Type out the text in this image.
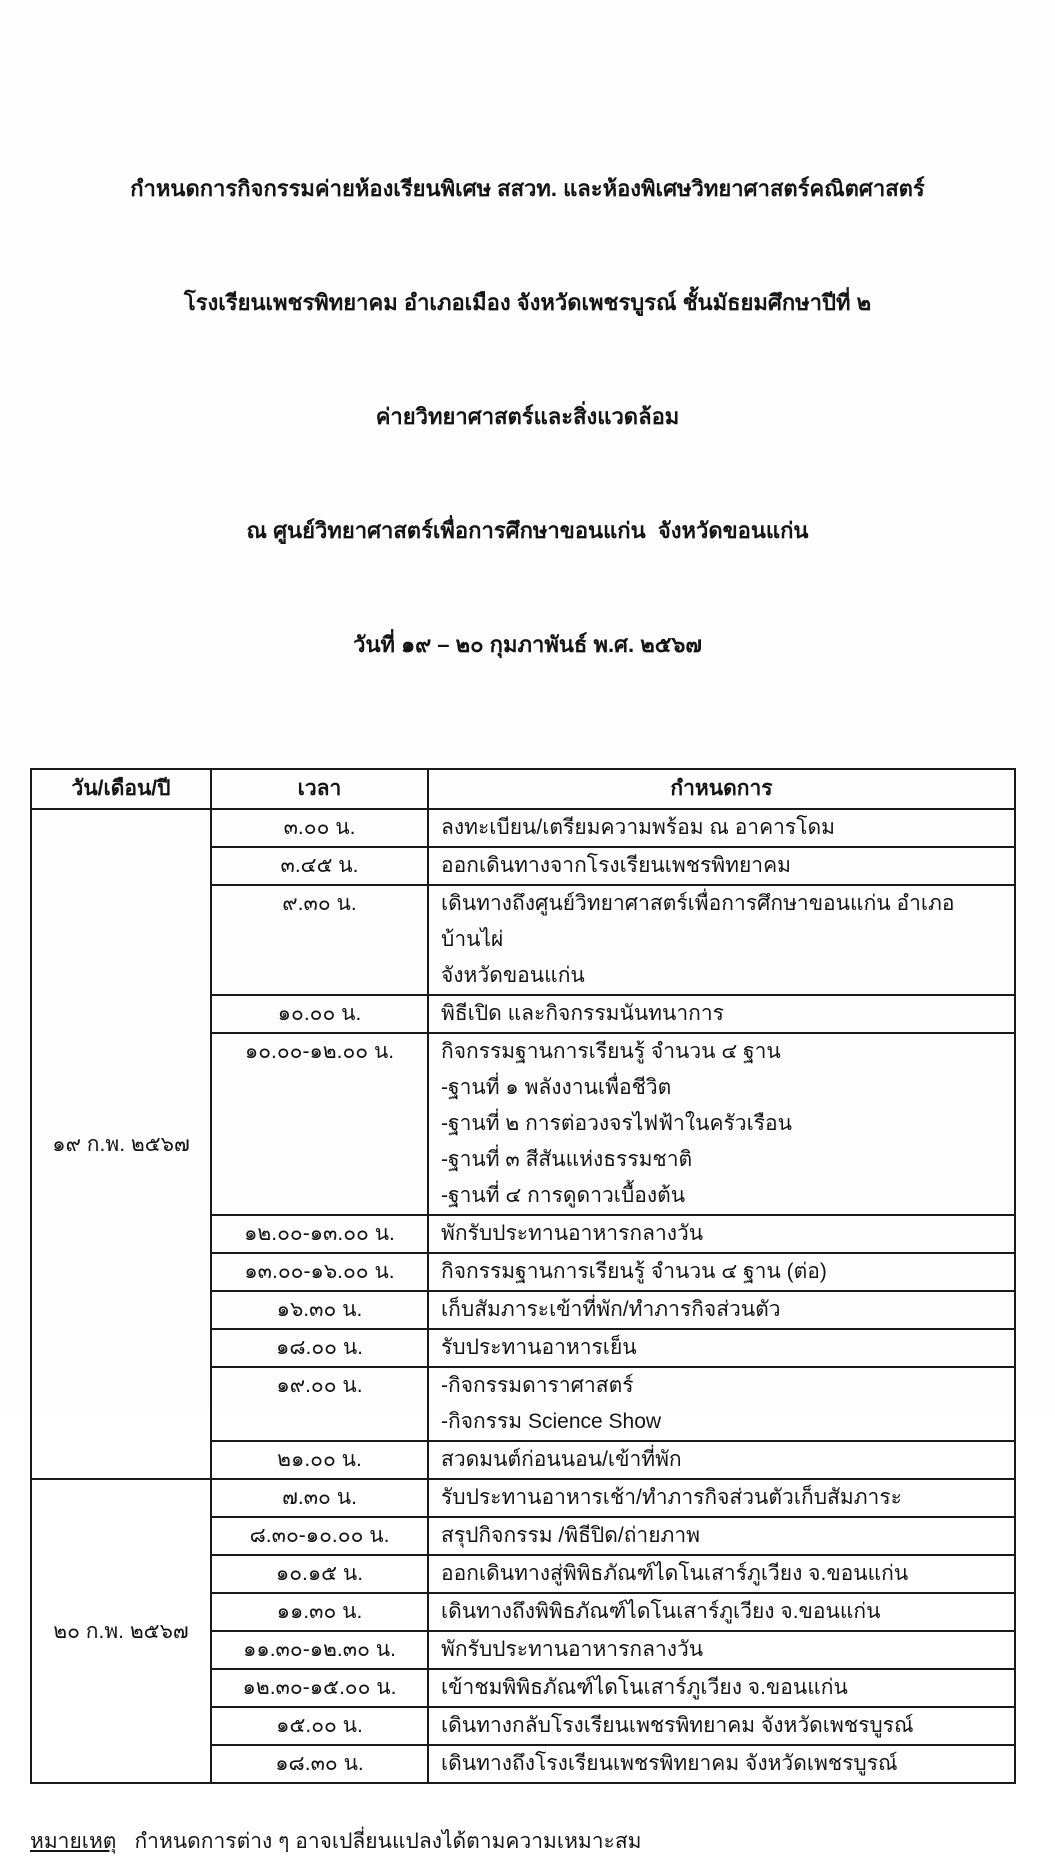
กำหนดการกิจกรรมค่ายห้องเรียนพิเศษ สสวท. และห้องพิเศษวิทยาศาสตร์คณิตศาสตร์

โรงเรียนเพชรพิทยาคม อำเภอเมือง จังหวัดเพชรบูรณ์ ชั้นมัธยมศึกษาปีที่ ๒

ค่ายวิทยาศาสตร์และสิ่งแวดล้อม

ณ ศูนย์วิทยาศาสตร์เพื่อการศึกษาขอนแก่น  จังหวัดขอนแก่น

วันที่ ๑๙ – ๒๐ กุมภาพันธ์ พ.ศ. ๒๕๖๗

วัน/เดือน/ปี	เวลา	กำหนดการ
๑๙ ก.พ. ๒๕๖๗	๓.๐๐ น.	ลงทะเบียน/เตรียมความพร้อม ณ อาคารโดม

	๓.๔๕ น.	ออกเดินทางจากโรงเรียนเพชรพิทยาคม

	๙.๓๐ น.	เดินทางถึงศูนย์วิทยาศาสตร์เพื่อการศึกษาขอนแก่น อำเภอบ้านไผ่
จังหวัดขอนแก่น

	๑๐.๐๐ น.	พิธีเปิด และกิจกรรมนันทนาการ

	๑๐.๐๐-๑๒.๐๐ น.	กิจกรรมฐานการเรียนรู้ จำนวน ๔ ฐาน
-ฐานที่ ๑ พลังงานเพื่อชีวิต
-ฐานที่ ๒ การต่อวงจรไฟฟ้าในครัวเรือน
-ฐานที่ ๓ สีสันแห่งธรรมชาติ
-ฐานที่ ๔ การดูดาวเบื้องต้น

	๑๒.๐๐-๑๓.๐๐ น.	พักรับประทานอาหารกลางวัน

	๑๓.๐๐-๑๖.๐๐ น.	กิจกรรมฐานการเรียนรู้ จำนวน ๔ ฐาน (ต่อ)

	๑๖.๓๐ น.	เก็บสัมภาระเข้าที่พัก/ทำภารกิจส่วนตัว

	๑๘.๐๐ น.	รับประทานอาหารเย็น

	๑๙.๐๐ น.	-กิจกรรมดาราศาสตร์
-กิจกรรม Science Show

	๒๑.๐๐ น.	สวดมนต์ก่อนนอน/เข้าที่พัก

๒๐ ก.พ. ๒๕๖๗	๗.๓๐ น.	รับประทานอาหารเช้า/ทำภารกิจส่วนตัวเก็บสัมภาระ

	๘.๓๐-๑๐.๐๐ น.	สรุปกิจกรรม /พิธีปิด/ถ่ายภาพ

	๑๐.๑๕ น.	ออกเดินทางสู่พิพิธภัณฑ์ไดโนเสาร์ภูเวียง จ.ขอนแก่น

	๑๑.๓๐ น.	เดินทางถึงพิพิธภัณฑ์ไดโนเสาร์ภูเวียง จ.ขอนแก่น

	๑๑.๓๐-๑๒.๓๐ น.	พักรับประทานอาหารกลางวัน

	๑๒.๓๐-๑๕.๐๐ น.	เข้าชมพิพิธภัณฑ์ไดโนเสาร์ภูเวียง จ.ขอนแก่น

	๑๕.๐๐ น.	เดินทางกลับโรงเรียนเพชรพิทยาคม จังหวัดเพชรบูรณ์

	๑๘.๓๐ น.	เดินทางถึงโรงเรียนเพชรพิทยาคม จังหวัดเพชรบูรณ์
หมายเหตุ กำหนดการต่าง ๆ อาจเปลี่ยนแปลงได้ตามความเหมาะสม
